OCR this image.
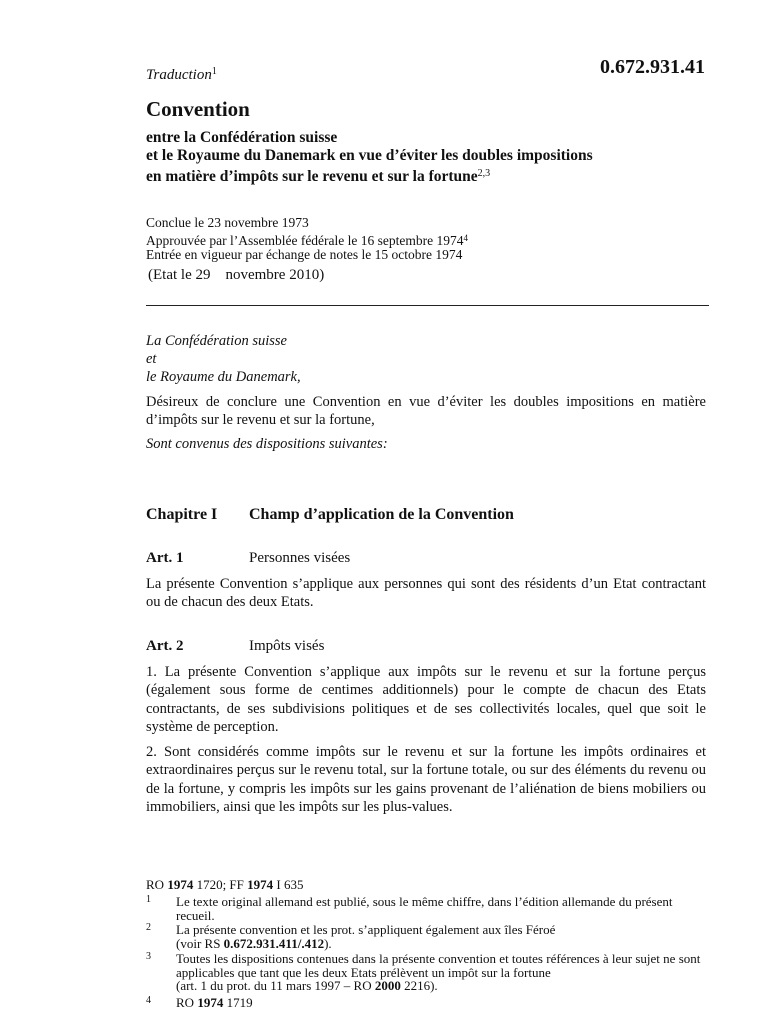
Traduction$^1$	0.672.931.41
Convention
entre la Confédération suisse
et le Royaume du Danemark en vue d’éviter les doubles impositions
en matière d’impôts sur le revenu et sur la fortune$^{2,3}$
Conclue le 23 novembre 1973
Approuvée par l’Assemblée fédérale le 16 septembre 1974$^4$
Entrée en vigueur par échange de notes le 15 octobre 1974
(Etat le 29    novembre 2010)
La Confédération suisse
et
le Royaume du Danemark,
Désireux de conclure une Convention en vue d’éviter les doubles impositions en matière d’impôts sur le revenu et sur la fortune,
Sont convenus des dispositions suivantes:
Chapitre I Champ d’application de la Convention
Art. 1	Personnes visées
La présente Convention s’applique aux personnes qui sont des résidents d’un Etat contractant ou de chacun des deux Etats.
Art. 2	Impôts visés
1. La présente Convention s’applique aux impôts sur le revenu et sur la fortune perçus (également sous forme de centimes additionnels) pour le compte de chacun des Etats contractants, de ses subdivisions politiques et de ses collectivités locales, quel que soit le système de perception.
2. Sont considérés comme impôts sur le revenu et sur la fortune les impôts ordinaires et extraordinaires perçus sur le revenu total, sur la fortune totale, ou sur des éléments du revenu ou de la fortune, y compris les impôts sur les gains provenant de l’aliénation de biens mobiliers ou immobiliers, ainsi que les impôts sur les plus-values.
RO 1974 1720; FF 1974 I 635
1 Le texte original allemand est publié, sous le même chiffre, dans l’édition allemande du présent recueil.
2 La présente convention et les prot. s’appliquent également aux îles Féroé
(voir RS 0.672.931.411/.412).
3 Toutes les dispositions contenues dans la présente convention et toutes références à leur sujet ne sont applicables que tant que les deux Etats prélèvent un impôt sur la fortune
(art. 1 du prot. du 11 mars 1997 – RO 2000 2216).
4 RO 1974 1719
